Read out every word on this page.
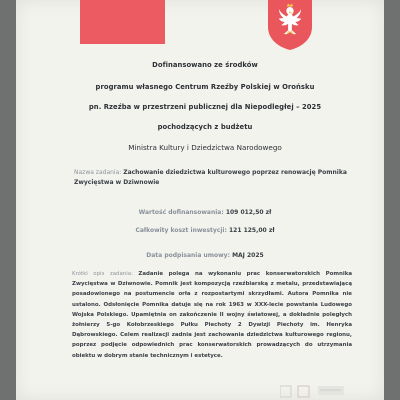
Dofinansowano ze środków
programu własnego Centrum Rzeźby Polskiej w Orońsku
pn. Rzeźba w przestrzeni publicznej dla Niepodległej – 2025
pochodzących z budżetu
Ministra Kultury i Dziedzictwa Narodowego
Nazwa zadania: Zachowanie dziedzictwa kulturowego poprzez renowację Pomnika Zwycięstwa w Dziwnowie
Wartość dofinansowania: 109 012,50 zł
Całkowity koszt inwestycji: 121 125,00 zł
Data podpisania umowy: MAJ 2025
Krótki opis zadania: Zadanie polega na wykonaniu prac konserwatorskich Pomnika Zwycięstwa w Dziwnowie. Pomnik jest kompozycją rzeźbiarską z metalu, przedstawiającą posadowionego na postumencie orła z rozpostartymi skrzydłami. Autora Pomnika nie ustalono. Odsłonięcie Pomnika datuje się na rok 1963 w XXX-lecie powstania Ludowego Wojska Polskiego. Upamiętnia on zakończenie II wojny światowej, a dokładnie poległych żołnierzy 5-go Kołobrzeskiego Pułku Piechoty 2 Dywizji Piechoty im. Henryka Dąbrowskiego. Celem realizacji zadnia jest zachowania dziedzictwa kulturowego regionu, poprzez podjęcie odpowiednich prac konserwatorskich prowadzących do utrzymania obiektu w dobrym stanie technicznym i estetyce.
